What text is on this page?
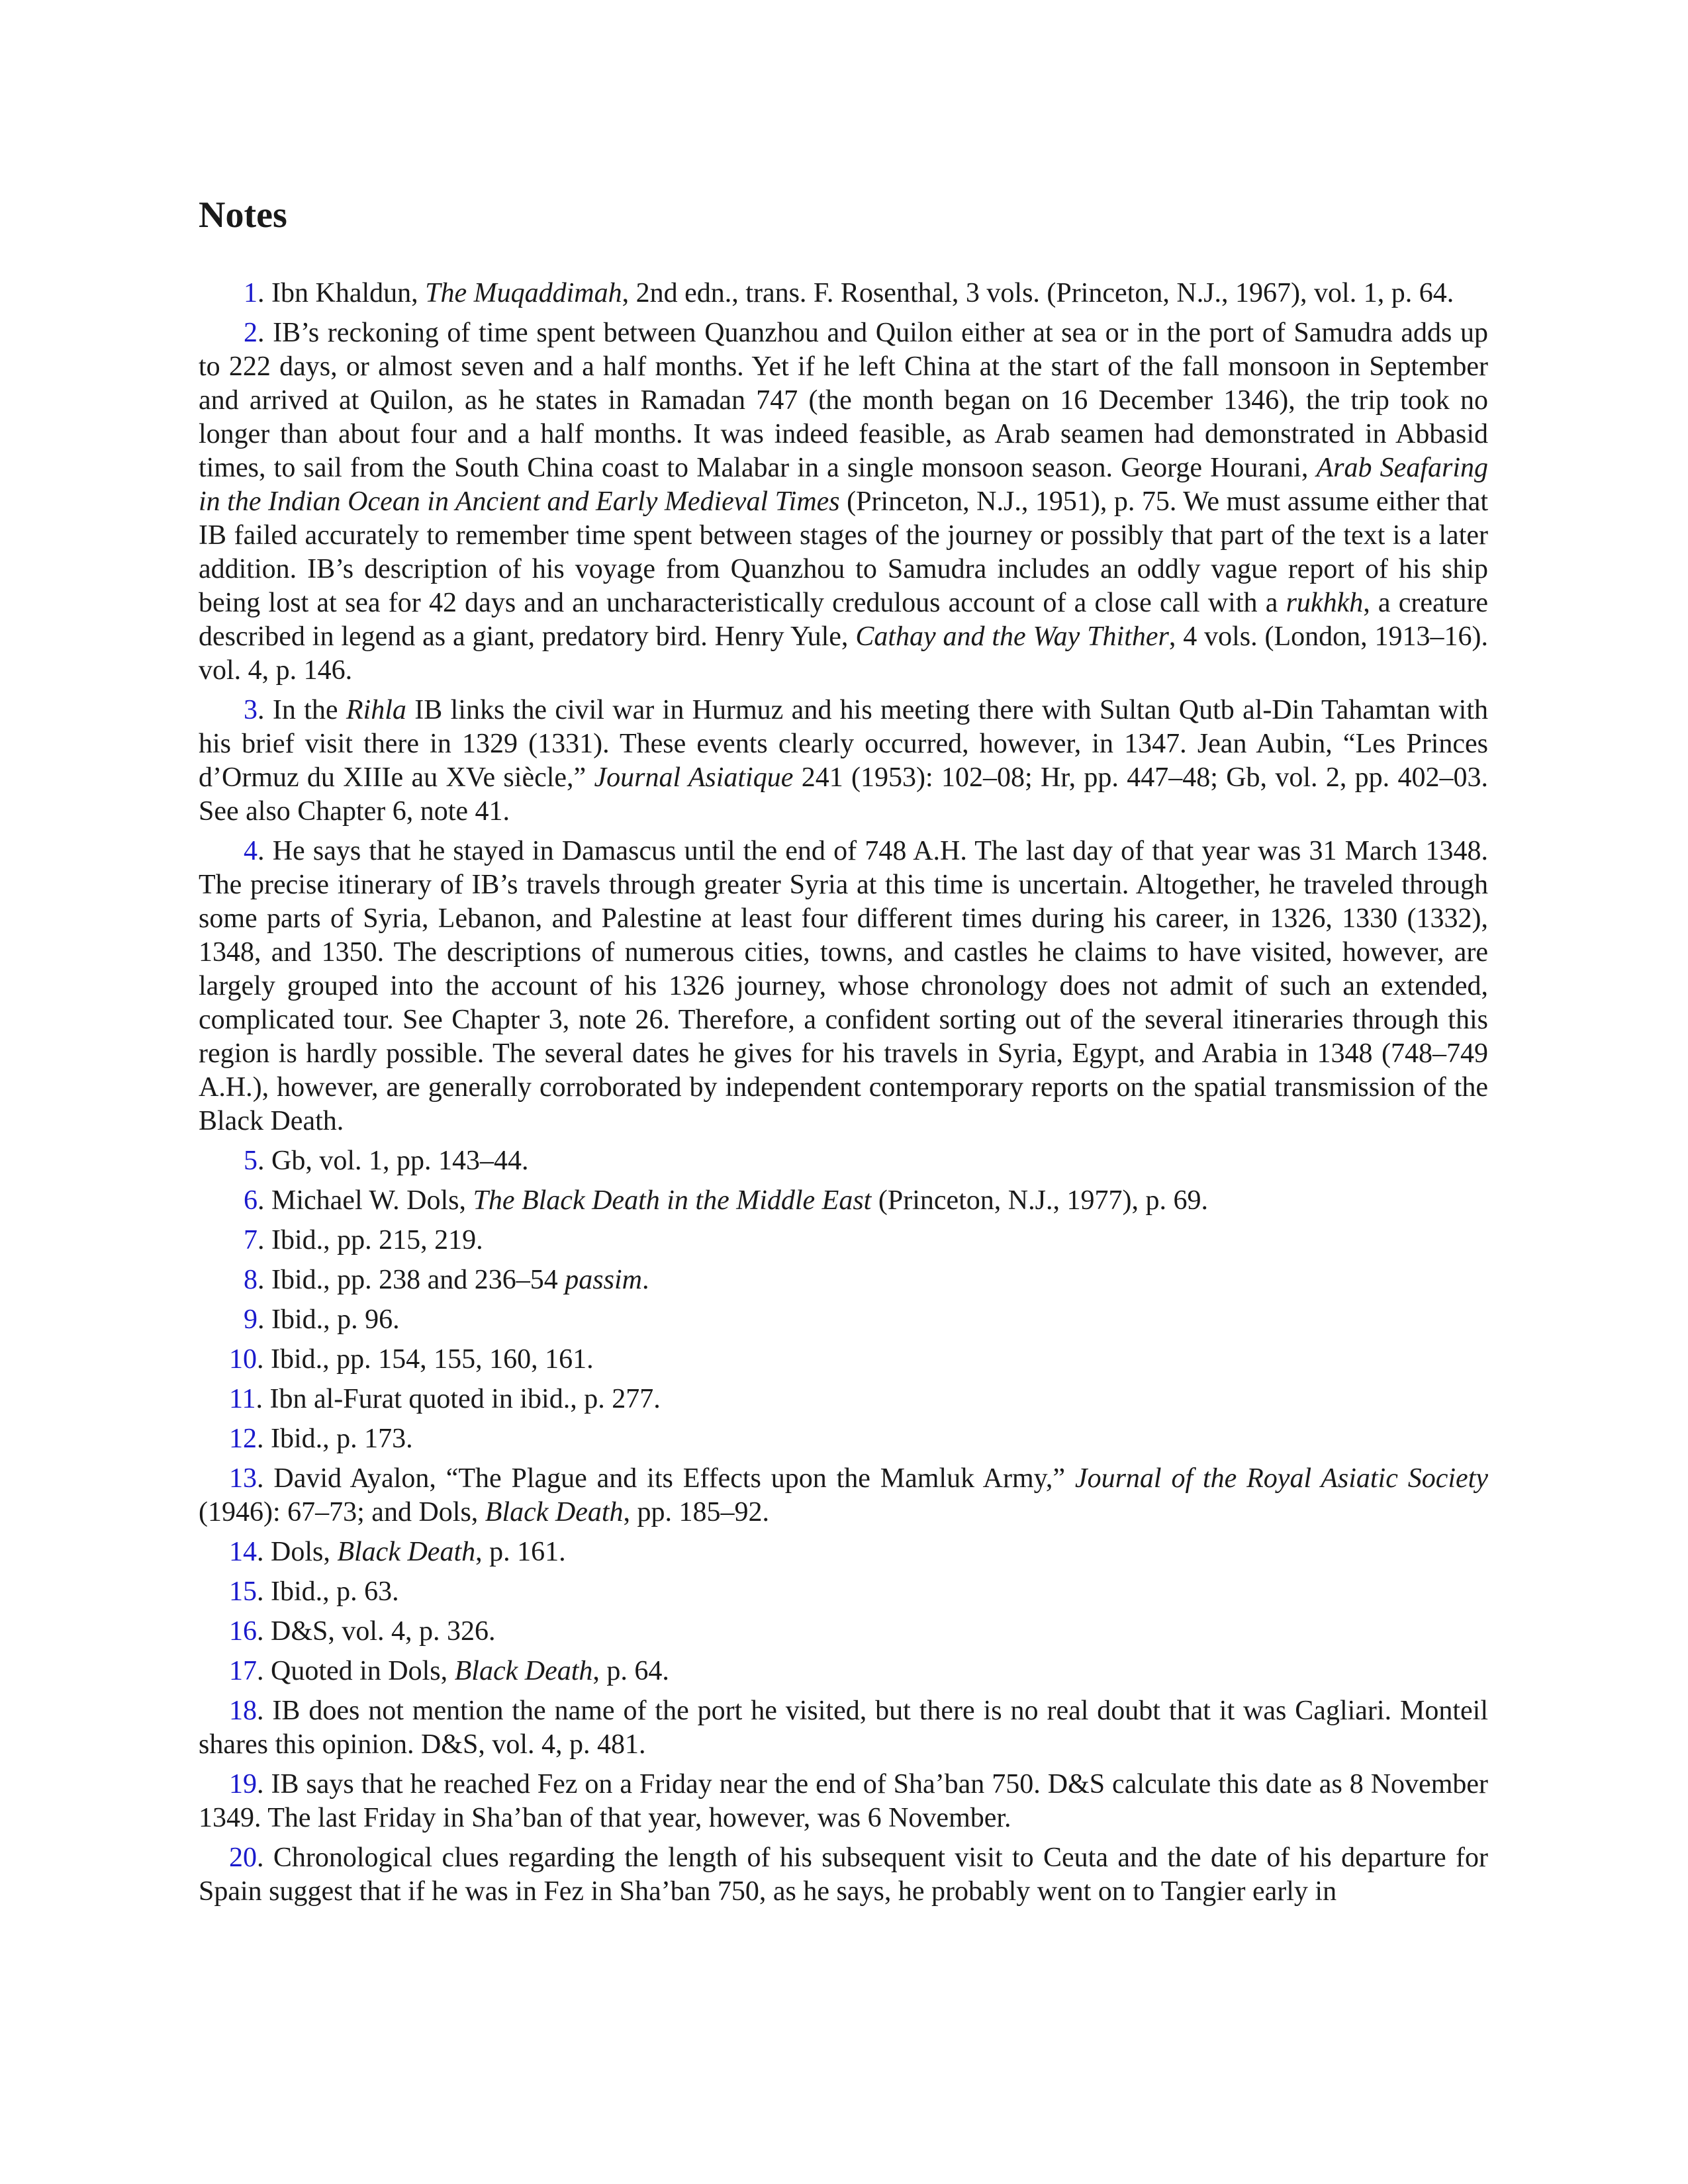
Notes

1. Ibn Khaldun, The Muqaddimah, 2nd edn., trans. F. Rosenthal, 3 vols. (Princeton, N.J., 1967), vol. 1, p. 64.

2. IB’s reckoning of time spent between Quanzhou and Quilon either at sea or in the port of Samudra adds up to 222 days, or almost seven and a half months. Yet if he left China at the start of the fall monsoon in September and arrived at Quilon, as he states in Ramadan 747 (the month began on 16 December 1346), the trip took no longer than about four and a half months. It was indeed feasible, as Arab seamen had demonstrated in Abbasid times, to sail from the South China coast to Malabar in a single monsoon season. George Hourani, Arab Seafaring in the Indian Ocean in Ancient and Early Medieval Times (Princeton, N.J., 1951), p. 75. We must assume either that IB failed accurately to remember time spent between stages of the journey or possibly that part of the text is a later addition. IB’s description of his voyage from Quanzhou to Samudra includes an oddly vague report of his ship being lost at sea for 42 days and an uncharacteristically credulous account of a close call with a rukhkh, a creature described in legend as a giant, predatory bird. Henry Yule, Cathay and the Way Thither, 4 vols. (London, 1913–16). vol. 4, p. 146.

3. In the Rihla IB links the civil war in Hurmuz and his meeting there with Sultan Qutb al-Din Tahamtan with his brief visit there in 1329 (1331). These events clearly occurred, however, in 1347. Jean Aubin, “Les Princes d’Ormuz du XIIIe au XVe siècle,” Journal Asiatique 241 (1953): 102–08; Hr, pp. 447–48; Gb, vol. 2, pp. 402–03. See also Chapter 6, note 41.

4. He says that he stayed in Damascus until the end of 748 A.H. The last day of that year was 31 March 1348. The precise itinerary of IB’s travels through greater Syria at this time is uncertain. Altogether, he traveled through some parts of Syria, Lebanon, and Palestine at least four different times during his career, in 1326, 1330 (1332), 1348, and 1350. The descriptions of numerous cities, towns, and castles he claims to have visited, however, are largely grouped into the account of his 1326 journey, whose chronology does not admit of such an extended, complicated tour. See Chapter 3, note 26. Therefore, a confident sorting out of the several itineraries through this region is hardly possible. The several dates he gives for his travels in Syria, Egypt, and Arabia in 1348 (748–749 A.H.), however, are generally corroborated by independent contemporary reports on the spatial transmission of the Black Death.

5. Gb, vol. 1, pp. 143–44.

6. Michael W. Dols, The Black Death in the Middle East (Princeton, N.J., 1977), p. 69.

7. Ibid., pp. 215, 219.

8. Ibid., pp. 238 and 236–54 passim.

9. Ibid., p. 96.

10. Ibid., pp. 154, 155, 160, 161.

11. Ibn al-Furat quoted in ibid., p. 277.

12. Ibid., p. 173.

13. David Ayalon, “The Plague and its Effects upon the Mamluk Army,” Journal of the Royal Asiatic Society (1946): 67–73; and Dols, Black Death, pp. 185–92.

14. Dols, Black Death, p. 161.

15. Ibid., p. 63.

16. D&S, vol. 4, p. 326.

17. Quoted in Dols, Black Death, p. 64.

18. IB does not mention the name of the port he visited, but there is no real doubt that it was Cagliari. Monteil shares this opinion. D&S, vol. 4, p. 481.

19. IB says that he reached Fez on a Friday near the end of Sha’ban 750. D&S calculate this date as 8 November 1349. The last Friday in Sha’ban of that year, however, was 6 November.

20. Chronological clues regarding the length of his subsequent visit to Ceuta and the date of his departure for Spain suggest that if he was in Fez in Sha’ban 750, as he says, he probably went on to Tangier early in
